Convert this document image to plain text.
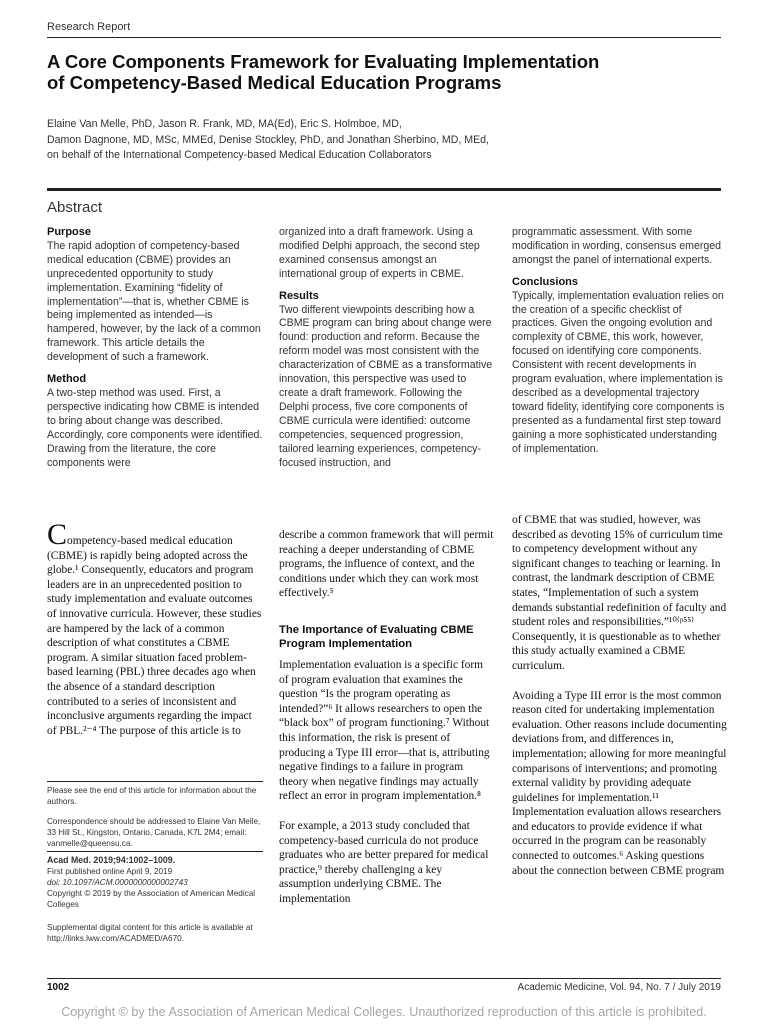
Research Report
A Core Components Framework for Evaluating Implementation of Competency-Based Medical Education Programs
Elaine Van Melle, PhD, Jason R. Frank, MD, MA(Ed), Eric S. Holmboe, MD,
Damon Dagnone, MD, MSc, MMEd, Denise Stockley, PhD, and Jonathan Sherbino, MD, MEd,
on behalf of the International Competency-based Medical Education Collaborators
Abstract
Purpose

The rapid adoption of competency-based medical education (CBME) provides an unprecedented opportunity to study implementation. Examining “fidelity of implementation”—that is, whether CBME is being implemented as intended—is hampered, however, by the lack of a common framework. This article details the development of such a framework.

Method

A two-step method was used. First, a perspective indicating how CBME is intended to bring about change was described. Accordingly, core components were identified. Drawing from the literature, the core components were

organized into a draft framework. Using a modified Delphi approach, the second step examined consensus amongst an international group of experts in CBME.

Results

Two different viewpoints describing how a CBME program can bring about change were found: production and reform. Because the reform model was most consistent with the characterization of CBME as a transformative innovation, this perspective was used to create a draft framework. Following the Delphi process, five core components of CBME curricula were identified: outcome competencies, sequenced progression, tailored learning experiences, competency-focused instruction, and

programmatic assessment. With some modification in wording, consensus emerged amongst the panel of international experts.

Conclusions

Typically, implementation evaluation relies on the creation of a specific checklist of practices. Given the ongoing evolution and complexity of CBME, this work, however, focused on identifying core components. Consistent with recent developments in program evaluation, where implementation is described as a developmental trajectory toward fidelity, identifying core components is presented as a fundamental first step toward gaining a more sophisticated understanding of implementation.

Competency-based medical education (CBME) is rapidly being adopted across the globe.¹ Consequently, educators and program leaders are in an unprecedented position to study implementation and evaluate outcomes of innovative curricula. However, these studies are hampered by the lack of a common description of what constitutes a CBME program. A similar situation faced problem-based learning (PBL) three decades ago when the absence of a standard description contributed to a series of inconsistent and inconclusive arguments regarding the impact of PBL.²⁻⁴ The purpose of this article is to

describe a common framework that will permit reaching a deeper understanding of CBME programs, the influence of context, and the conditions under which they can work most effectively.⁵

The Importance of Evaluating CBME Program Implementation

Implementation evaluation is a specific form of program evaluation that examines the question “Is the program operating as intended?”⁶ It allows researchers to open the “black box” of program functioning.⁷ Without this information, the risk is present of producing a Type III error—that is, attributing negative findings to a failure in program theory when negative findings may actually reflect an error in program implementation.⁸

For example, a 2013 study concluded that competency-based curricula do not produce graduates who are better prepared for medical practice,⁹ thereby challenging a key assumption underlying CBME. The implementation

of CBME that was studied, however, was described as devoting 15% of curriculum time to competency development without any significant changes to teaching or learning. In contrast, the landmark description of CBME states, “Implementation of such a system demands substantial redefinition of faculty and student roles and responsibilities.”¹⁰⁽ᵖ⁵⁵⁾ Consequently, it is questionable as to whether this study actually examined a CBME curriculum.

Avoiding a Type III error is the most common reason cited for undertaking implementation evaluation. Other reasons include documenting deviations from, and differences in, implementation; allowing for more meaningful comparisons of interventions; and promoting external validity by providing adequate guidelines for implementation.¹¹ Implementation evaluation allows researchers and educators to provide evidence if what occurred in the program can be reasonably connected to outcomes.⁶ Asking questions about the connection between CBME program

Please see the end of this article for information about the authors.

Correspondence should be addressed to Elaine Van Melle, 33 Hill St., Kingston, Ontario, Canada, K7L 2M4; email: vanmelle@queensu.ca.

Acad Med. 2019;94:1002–1009.
First published online April 9, 2019
doi: 10.1097/ACM.0000000000002743
Copyright © 2019 by the Association of American Medical Colleges
Supplemental digital content for this article is available at http://links.lww.com/ACADMED/A670.
1002	Academic Medicine, Vol. 94, No. 7 / July 2019
Copyright © by the Association of American Medical Colleges. Unauthorized reproduction of this article is prohibited.
